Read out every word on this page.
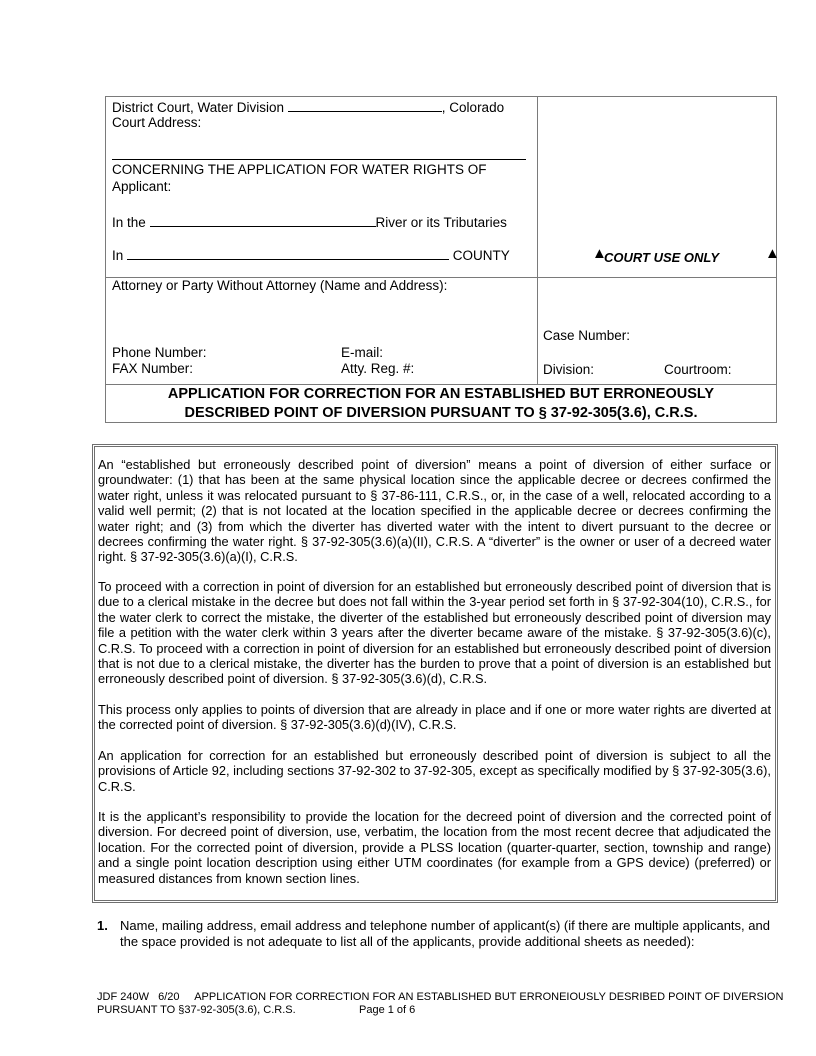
District Court, Water Division	, Colorado
Court Address:
CONCERNING THE APPLICATION FOR WATER RIGHTS OF
Applicant:
In the	River or its Tributaries
In	COUNTY	▲
COURT USE ONLY	▲
Attorney or Party Without Attorney (Name and Address):
Phone Number:	E-mail:
FAX Number:	Atty. Reg. #:
Case Number:
Division:	Courtroom:
APPLICATION FOR CORRECTION FOR AN ESTABLISHED BUT ERRONEOUSLY
DESCRIBED POINT OF DIVERSION PURSUANT TO § 37-92-305(3.6), C.R.S.

An “established but erroneously described point of diversion” means a point of diversion of either surface or groundwater: (1) that has been at the same physical location since the applicable decree or decrees confirmed the water right, unless it was relocated pursuant to § 37-86-111, C.R.S., or, in the case of a well, relocated according to a valid well permit; (2) that is not located at the location specified in the applicable decree or decrees confirming the water right; and (3) from which the diverter has diverted water with the intent to divert pursuant to the decree or decrees confirming the water right. § 37-92-305(3.6)(a)(II), C.R.S. A “diverter” is the owner or user of a decreed water right. § 37-92-305(3.6)(a)(I), C.R.S.

To proceed with a correction in point of diversion for an established but erroneously described point of diversion that is due to a clerical mistake in the decree but does not fall within the 3-year period set forth in § 37-92-304(10), C.R.S., for the water clerk to correct the mistake, the diverter of the established but erroneously described point of diversion may file a petition with the water clerk within 3 years after the diverter became aware of the mistake. § 37-92-305(3.6)(c), C.R.S. To proceed with a correction in point of diversion for an established but erroneously described point of diversion that is not due to a clerical mistake, the diverter has the burden to prove that a point of diversion is an established but erroneously described point of diversion. § 37-92-305(3.6)(d), C.R.S.

This process only applies to points of diversion that are already in place and if one or more water rights are diverted at the corrected point of diversion. § 37-92-305(3.6)(d)(IV), C.R.S.

An application for correction for an established but erroneously described point of diversion is subject to all the provisions of Article 92, including sections 37-92-302 to 37-92-305, except as specifically modified by § 37-92-305(3.6), C.R.S.

It is the applicant’s responsibility to provide the location for the decreed point of diversion and the corrected point of diversion. For decreed point of diversion, use, verbatim, the location from the most recent decree that adjudicated the location. For the corrected point of diversion, provide a PLSS location (quarter-quarter, section, township and range) and a single point location description using either UTM coordinates (for example from a GPS device) (preferred) or measured distances from known section lines.

1. Name, mailing address, email address and telephone number of applicant(s) (if there are multiple applicants, and the space provided is not adequate to list all of the applicants, provide additional sheets as needed):
JDF 240W   6/20     APPLICATION FOR CORRECTION FOR AN ESTABLISHED BUT ERRONEIOUSLY DESRIBED POINT OF DIVERSION
PURSUANT TO §37-92-305(3.6), C.R.S.	Page 1 of 6
